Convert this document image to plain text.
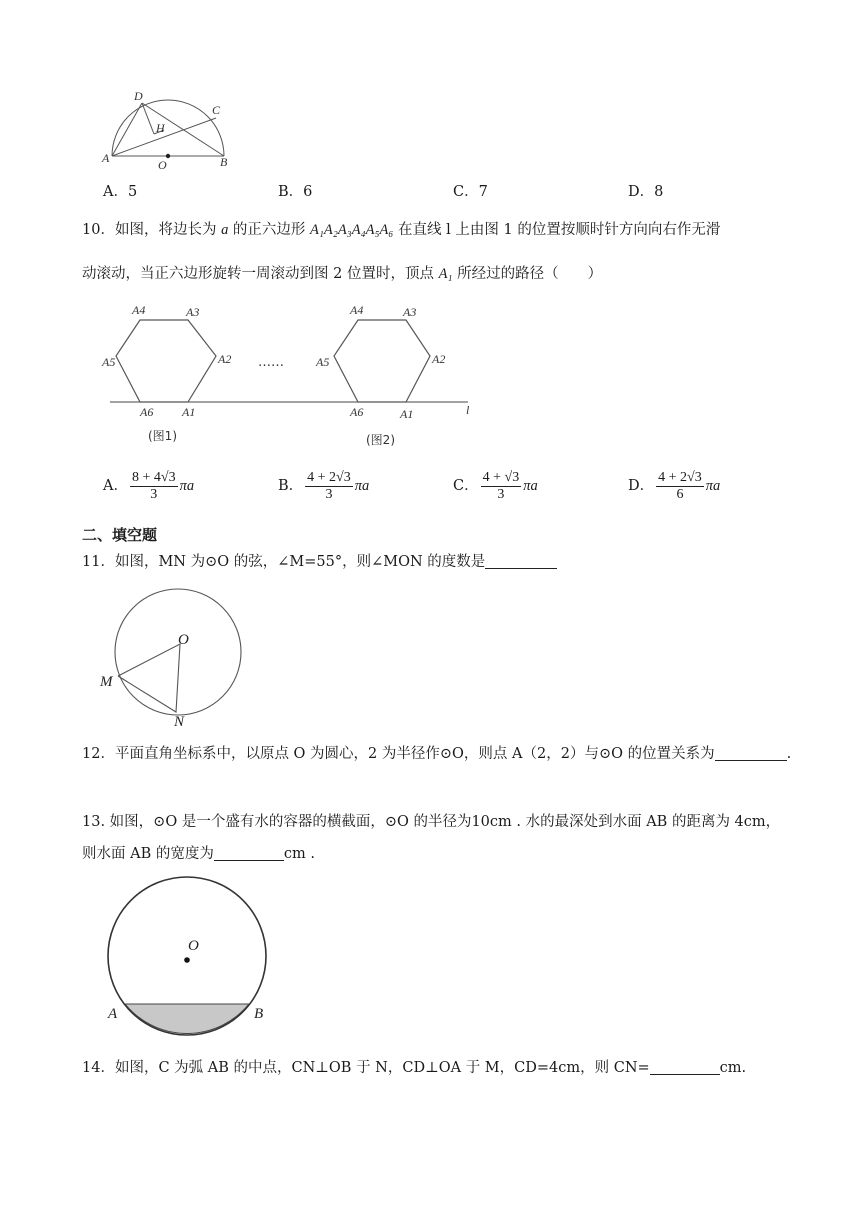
D
C
H
A	O	B
A．5	B．6	C．7	D．8
10．如图，将边长为 a 的正六边形 A₁A₂A₃A₄A₅A₆ 在直线 l 上由图 1 的位置按顺时针方向向右作无滑
动滚动，当正六边形旋转一周滚动到图 2 位置时，顶点 A₁ 所经过的路径（　　）
A4	A3
A2
A5
A6 A1
A4	A3
A2
A5
A6	A1
……
l
(图1)	(图2)
A． $\frac{8 + 4√3}{3}$ πa	B． $\frac{4 + 2√3}{3}$ πa	C． $\frac{4 + √3}{3}$ πa	D． $\frac{4 + 2√3}{6}$ πa
二、填空题
11．如图，MN 为⊙O 的弦，∠M=55°，则∠MON 的度数是
O
M
N
12．平面直角坐标系中，以原点 O 为圆心，2 为半径作⊙O，则点 A（2，2）与⊙O 的位置关系为	.
13. 如图，⊙O 是一个盛有水的容器的横截面，⊙O 的半径为10cm . 水的最深处到水面 AB 的距离为 4cm，
则水面 AB 的宽度为	cm .
O
A	B
14．如图，C 为弧 AB 的中点，CN⊥OB 于 N，CD⊥OA 于 M，CD=4cm，则 CN=	cm.
